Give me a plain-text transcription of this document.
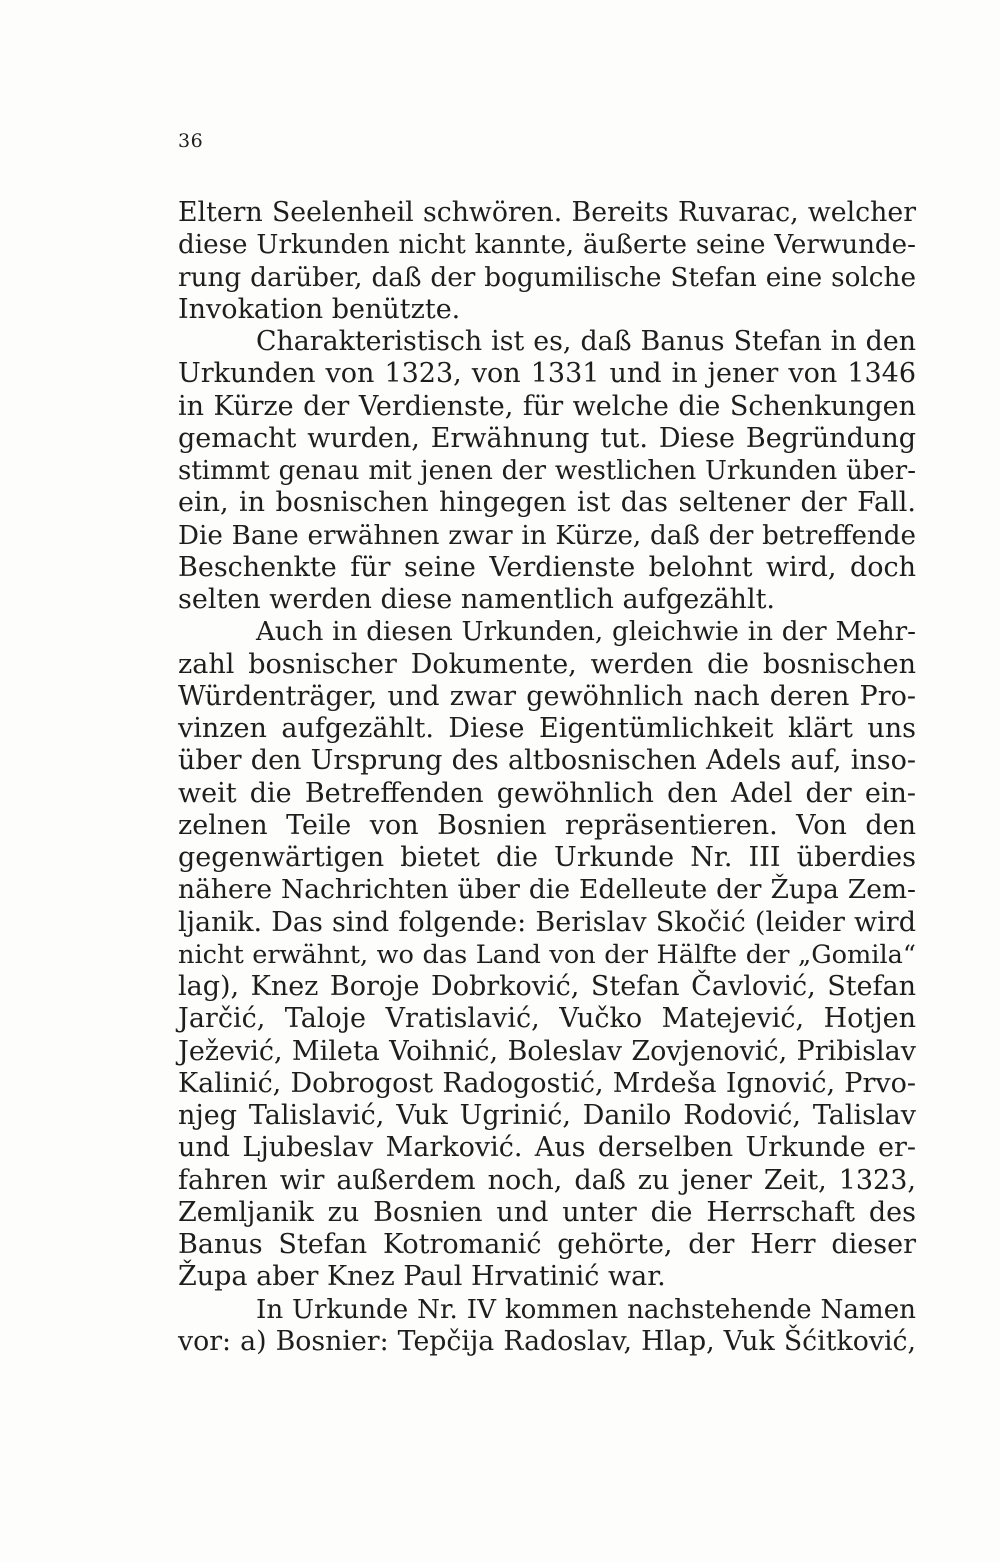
36
Eltern Seelenheil schwören. Bereits Ruvarac, welcher
diese Urkunden nicht kannte, äußerte seine Verwunde-
rung darüber, daß der bogumilische Stefan eine solche
Invokation benützte.
Charakteristisch ist es, daß Banus Stefan in den
Urkunden von 1323, von 1331 und in jener von 1346
in Kürze der Verdienste, für welche die Schenkungen
gemacht wurden, Erwähnung tut. Diese Begründung
stimmt genau mit jenen der westlichen Urkunden über-
ein, in bosnischen hingegen ist das seltener der Fall.
Die Bane erwähnen zwar in Kürze, daß der betreffende
Beschenkte für seine Verdienste belohnt wird, doch
selten werden diese namentlich aufgezählt.
Auch in diesen Urkunden, gleichwie in der Mehr-
zahl bosnischer Dokumente, werden die bosnischen
Würdenträger, und zwar gewöhnlich nach deren Pro-
vinzen aufgezählt. Diese Eigentümlichkeit klärt uns
über den Ursprung des altbosnischen Adels auf, inso-
weit die Betreffenden gewöhnlich den Adel der ein-
zelnen Teile von Bosnien repräsentieren. Von den
gegenwärtigen bietet die Urkunde Nr. III überdies
nähere Nachrichten über die Edelleute der Župa Zem-
ljanik. Das sind folgende: Berislav Skočić (leider wird
nicht erwähnt, wo das Land von der Hälfte der „Gomila“
lag), Knez Boroje Dobrković, Stefan Čavlović, Stefan
Jarčić, Taloje Vratislavić, Vučko Matejević, Hotjen
Ježević, Mileta Voihnić, Boleslav Zovjenović, Pribislav
Kalinić, Dobrogost Radogostić, Mrdeša Ignović, Prvo-
njeg Talislavić, Vuk Ugrinić, Danilo Rodović, Talislav
und Ljubeslav Marković. Aus derselben Urkunde er-
fahren wir außerdem noch, daß zu jener Zeit, 1323,
Zemljanik zu Bosnien und unter die Herrschaft des
Banus Stefan Kotromanić gehörte, der Herr dieser
Župa aber Knez Paul Hrvatinić war.
In Urkunde Nr. IV kommen nachstehende Namen
vor: a) Bosnier: Tepčija Radoslav, Hlap, Vuk Šćitković,
